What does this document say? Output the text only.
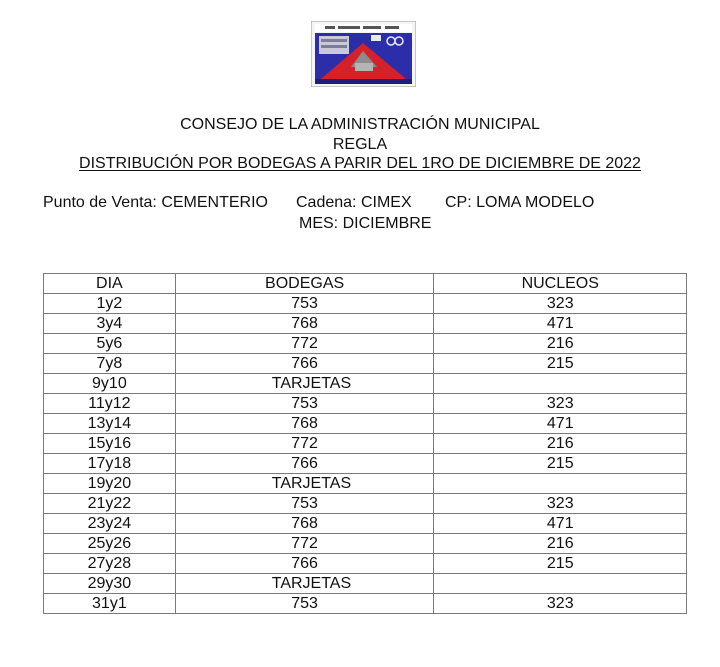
CONSEJO DE LA ADMINISTRACIÓN MUNICIPAL
REGLA
DISTRIBUCIÓN POR BODEGAS A PARIR DEL 1RO DE DICIEMBRE DE 2022
Punto de Venta: CEMENTERIO Cadena: CIMEX CP: LOMA MODELO
MES: DICIEMBRE
DIA	BODEGAS	NUCLEOS
1y2	753	323
3y4	768	471
5y6	772	216
7y8	766	215
9y10	TARJETAS	
11y12	753	323
13y14	768	471
15y16	772	216
17y18	766	215
19y20	TARJETAS	
21y22	753	323
23y24	768	471
25y26	772	216
27y28	766	215
29y30	TARJETAS	
31y1	753	323
